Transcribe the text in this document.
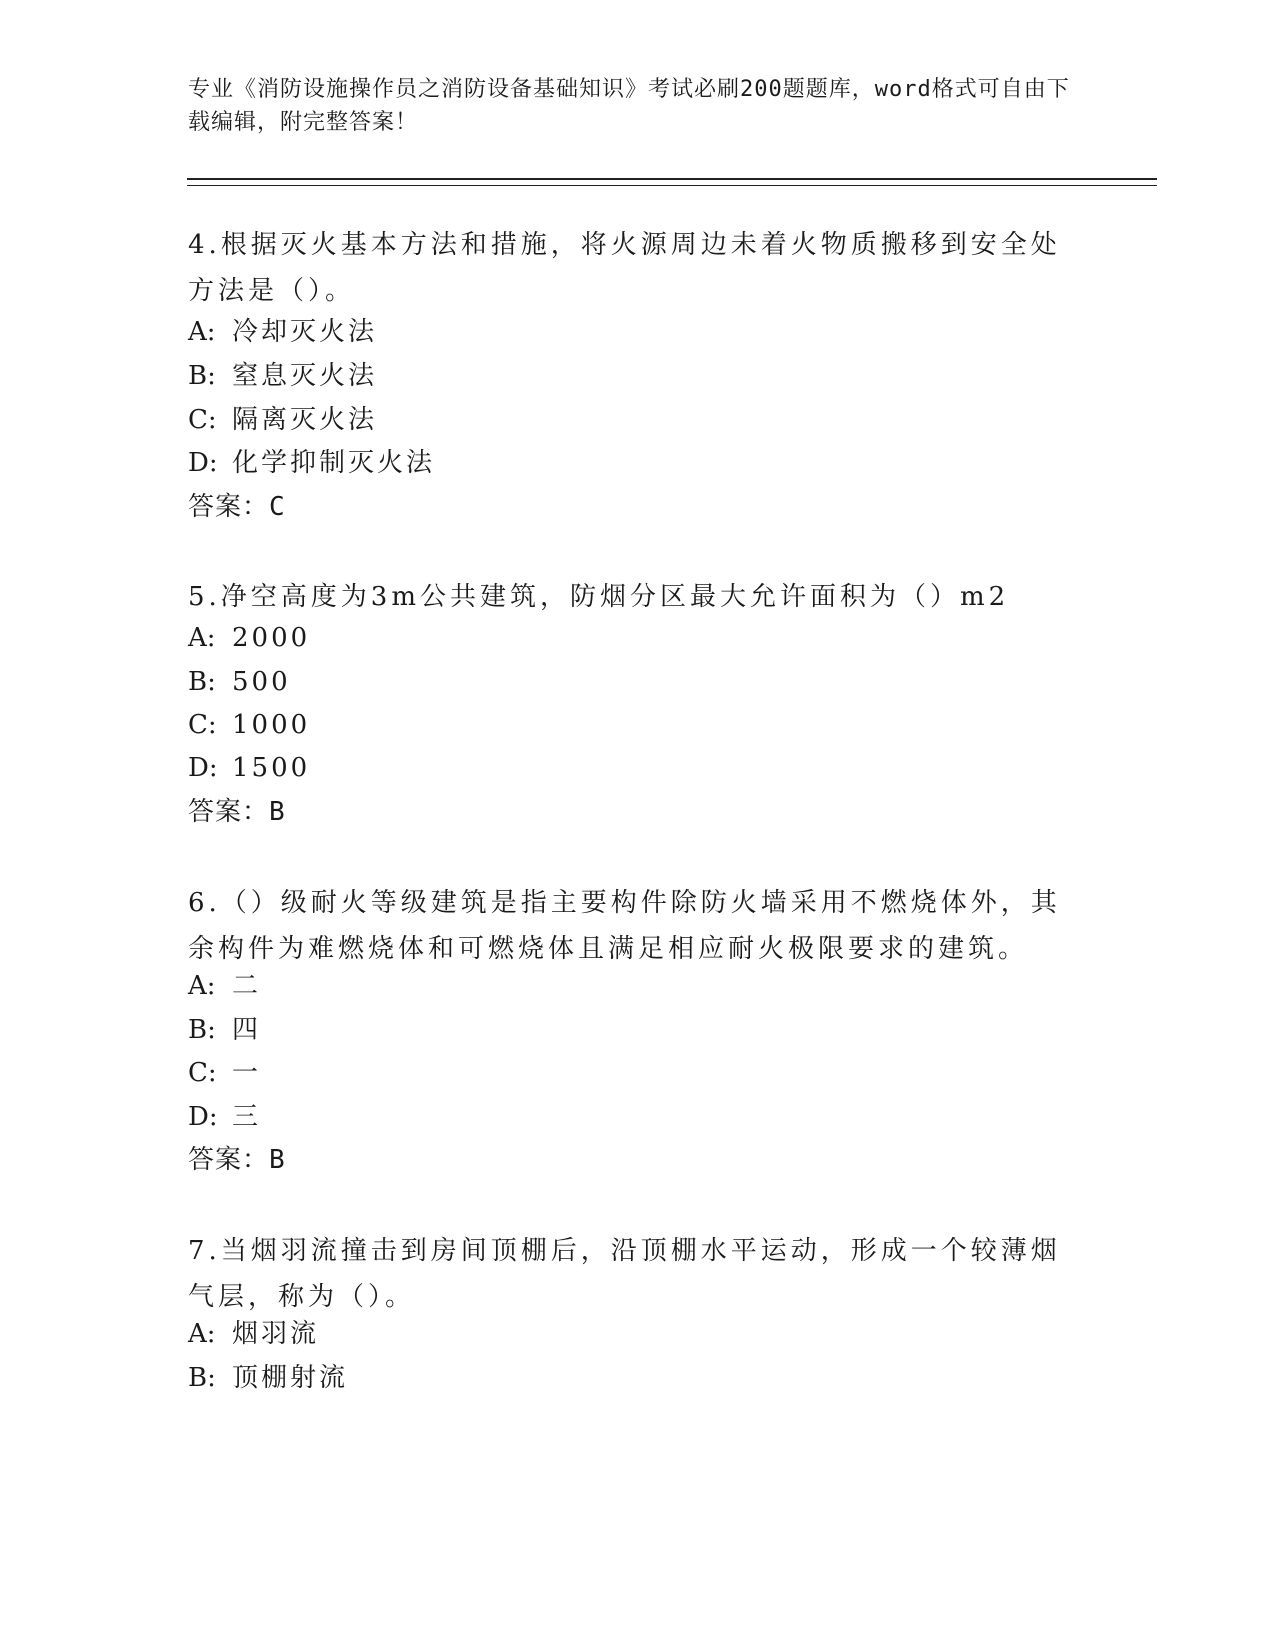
专业《消防设施操作员之消防设备基础知识》考试必刷200题题库，word格式可自由下载编辑，附完整答案！
4.根据灭火基本方法和措施，将火源周边未着火物质搬移到安全处方法是（）。
A: 冷却灭火法
B: 窒息灭火法
C: 隔离灭火法
D: 化学抑制灭火法
答案：C
5.净空高度为3m公共建筑，防烟分区最大允许面积为（）m2
A: 2000
B: 500
C: 1000
D: 1500
答案：B
6.（）级耐火等级建筑是指主要构件除防火墙采用不燃烧体外，其余构件为难燃烧体和可燃烧体且满足相应耐火极限要求的建筑。
A: 二
B: 四
C: 一
D: 三
答案：B
7.当烟羽流撞击到房间顶棚后，沿顶棚水平运动，形成一个较薄烟气层，称为（）。
A: 烟羽流
B: 顶棚射流
